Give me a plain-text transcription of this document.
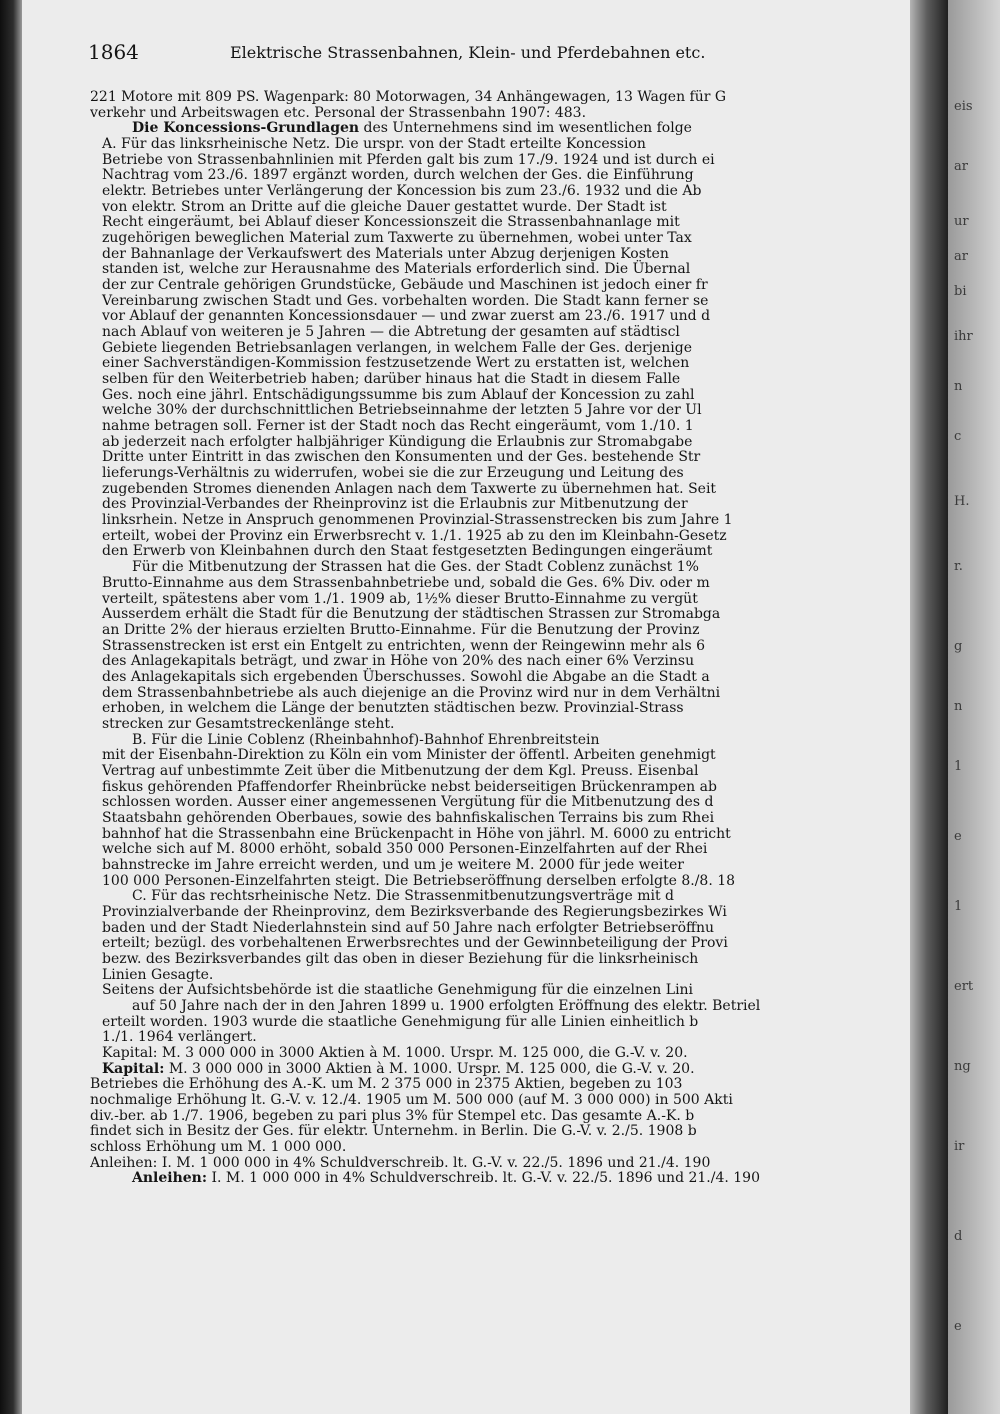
1864	Elektrische Strassenbahnen, Klein- und Pferdebahnen etc.
221 Motore mit 809 PS. Wagenpark: 80 Motorwagen, 34 Anhängewagen, 13 Wagen für G
verkehr und Arbeitswagen etc. Personal der Strassenbahn 1907: 483.
Die Koncessions-Grundlagen des Unternehmens sind im wesentlichen folge
A. Für das linksrheinische Netz. Die urspr. von der Stadt erteilte Koncession
Betriebe von Strassenbahnlinien mit Pferden galt bis zum 17./9. 1924 und ist durch ei
Nachtrag vom 23./6. 1897 ergänzt worden, durch welchen der Ges. die Einführung
elektr. Betriebes unter Verlängerung der Koncession bis zum 23./6. 1932 und die Ab
von elektr. Strom an Dritte auf die gleiche Dauer gestattet wurde. Der Stadt ist
Recht eingeräumt, bei Ablauf dieser Koncessionszeit die Strassenbahnanlage mit
zugehörigen beweglichen Material zum Taxwerte zu übernehmen, wobei unter Tax
der Bahnanlage der Verkaufswert des Materials unter Abzug derjenigen Kosten
standen ist, welche zur Herausnahme des Materials erforderlich sind. Die Übernal
der zur Centrale gehörigen Grundstücke, Gebäude und Maschinen ist jedoch einer fr
Vereinbarung zwischen Stadt und Ges. vorbehalten worden. Die Stadt kann ferner se
vor Ablauf der genannten Koncessionsdauer — und zwar zuerst am 23./6. 1917 und d
nach Ablauf von weiteren je 5 Jahren — die Abtretung der gesamten auf städtiscl
Gebiete liegenden Betriebsanlagen verlangen, in welchem Falle der Ges. derjenige
einer Sachverständigen-Kommission festzusetzende Wert zu erstatten ist, welchen
selben für den Weiterbetrieb haben; darüber hinaus hat die Stadt in diesem Falle
Ges. noch eine jährl. Entschädigungssumme bis zum Ablauf der Koncession zu zahl
welche 30% der durchschnittlichen Betriebseinnahme der letzten 5 Jahre vor der Ul
nahme betragen soll. Ferner ist der Stadt noch das Recht eingeräumt, vom 1./10. 1
ab jederzeit nach erfolgter halbjähriger Kündigung die Erlaubnis zur Stromabgabe
Dritte unter Eintritt in das zwischen den Konsumenten und der Ges. bestehende Str
lieferungs-Verhältnis zu widerrufen, wobei sie die zur Erzeugung und Leitung des
zugebenden Stromes dienenden Anlagen nach dem Taxwerte zu übernehmen hat. Seit
des Provinzial-Verbandes der Rheinprovinz ist die Erlaubnis zur Mitbenutzung der
linksrhein. Netze in Anspruch genommenen Provinzial-Strassenstrecken bis zum Jahre 1
erteilt, wobei der Provinz ein Erwerbsrecht v. 1./1. 1925 ab zu den im Kleinbahn-Gesetz
den Erwerb von Kleinbahnen durch den Staat festgesetzten Bedingungen eingeräumt
Für die Mitbenutzung der Strassen hat die Ges. der Stadt Coblenz zunächst 1%
Brutto-Einnahme aus dem Strassenbahnbetriebe und, sobald die Ges. 6% Div. oder m
verteilt, spätestens aber vom 1./1. 1909 ab, 1½% dieser Brutto-Einnahme zu vergüt
Ausserdem erhält die Stadt für die Benutzung der städtischen Strassen zur Stromabga
an Dritte 2% der hieraus erzielten Brutto-Einnahme. Für die Benutzung der Provinz
Strassenstrecken ist erst ein Entgelt zu entrichten, wenn der Reingewinn mehr als 6
des Anlagekapitals beträgt, und zwar in Höhe von 20% des nach einer 6% Verzinsu
des Anlagekapitals sich ergebenden Überschusses. Sowohl die Abgabe an die Stadt a
dem Strassenbahnbetriebe als auch diejenige an die Provinz wird nur in dem Verhältni
erhoben, in welchem die Länge der benutzten städtischen bezw. Provinzial-Strass
strecken zur Gesamtstreckenlänge steht.
B. Für die Linie Coblenz (Rheinbahnhof)-Bahnhof Ehrenbreitstein
mit der Eisenbahn-Direktion zu Köln ein vom Minister der öffentl. Arbeiten genehmigt
Vertrag auf unbestimmte Zeit über die Mitbenutzung der dem Kgl. Preuss. Eisenbal
fiskus gehörenden Pfaffendorfer Rheinbrücke nebst beiderseitigen Brückenrampen ab
schlossen worden. Ausser einer angemessenen Vergütung für die Mitbenutzung des d
Staatsbahn gehörenden Oberbaues, sowie des bahnfiskalischen Terrains bis zum Rhei
bahnhof hat die Strassenbahn eine Brückenpacht in Höhe von jährl. M. 6000 zu entricht
welche sich auf M. 8000 erhöht, sobald 350 000 Personen-Einzelfahrten auf der Rhei
bahnstrecke im Jahre erreicht werden, und um je weitere M. 2000 für jede weiter
100 000 Personen-Einzelfahrten steigt. Die Betriebseröffnung derselben erfolgte 8./8. 18
C. Für das rechtsrheinische Netz. Die Strassenmitbenutzungsverträge mit d
Provinzialverbande der Rheinprovinz, dem Bezirksverbande des Regierungsbezirkes Wi
baden und der Stadt Niederlahnstein sind auf 50 Jahre nach erfolgter Betriebseröffnu
erteilt; bezügl. des vorbehaltenen Erwerbsrechtes und der Gewinnbeteiligung der Provi
bezw. des Bezirksverbandes gilt das oben in dieser Beziehung für die linksrheinisch
Linien Gesagte.
Seitens der Aufsichtsbehörde ist die staatliche Genehmigung für die einzelnen Lini
auf 50 Jahre nach der in den Jahren 1899 u. 1900 erfolgten Eröffnung des elektr. Betriel
erteilt worden. 1903 wurde die staatliche Genehmigung für alle Linien einheitlich b
1./1. 1964 verlängert.
Kapital: M. 3 000 000 in 3000 Aktien à M. 1000. Urspr. M. 125 000, die G.-V. v. 20.
Kapital: M. 3 000 000 in 3000 Aktien à M. 1000. Urspr. M. 125 000, die G.-V. v. 20.
Betriebes die Erhöhung des A.-K. um M. 2 375 000 in 2375 Aktien, begeben zu 103
nochmalige Erhöhung lt. G.-V. v. 12./4. 1905 um M. 500 000 (auf M. 3 000 000) in 500 Akti
div.-ber. ab 1./7. 1906, begeben zu pari plus 3% für Stempel etc. Das gesamte A.-K. b
findet sich in Besitz der Ges. für elektr. Unternehm. in Berlin. Die G.-V. v. 2./5. 1908 b
schloss Erhöhung um M. 1 000 000.
Anleihen: I. M. 1 000 000 in 4% Schuldverschreib. lt. G.-V. v. 22./5. 1896 und 21./4. 190
Anleihen: I. M. 1 000 000 in 4% Schuldverschreib. lt. G.-V. v. 22./5. 1896 und 21./4. 190
eis
ar
ur
ar
bi
ihr
n
c
H.
r.
g
n
1
e
1
ert
ng
ir
d
e
